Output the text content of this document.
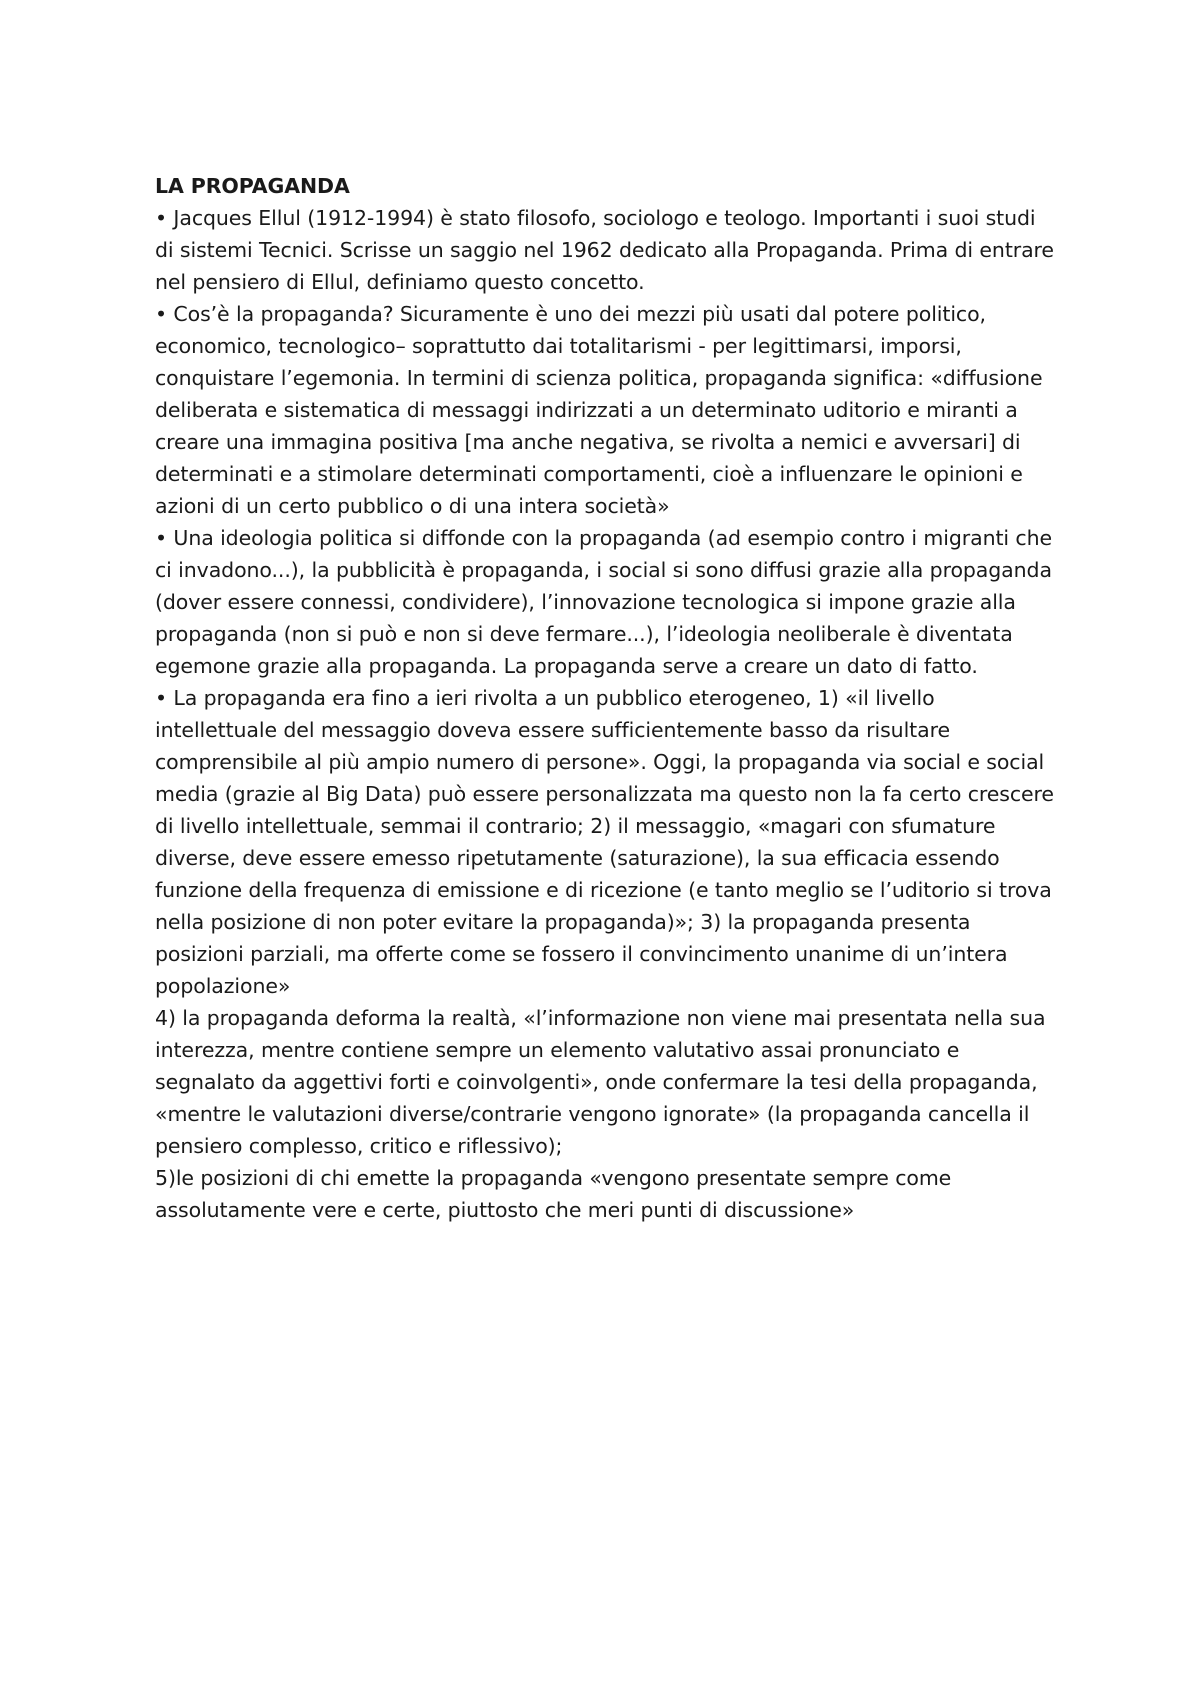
LA PROPAGANDA

• Jacques Ellul (1912-1994) è stato filosofo, sociologo e teologo. Importanti i suoi studi di sistemi Tecnici. Scrisse un saggio nel 1962 dedicato alla Propaganda. Prima di entrare nel pensiero di Ellul, definiamo questo concetto.

• Cos’è la propaganda? Sicuramente è uno dei mezzi più usati dal potere politico, economico, tecnologico– soprattutto dai totalitarismi - per legittimarsi, imporsi, conquistare l’egemonia. In termini di scienza politica, propaganda significa: «diffusione deliberata e sistematica di messaggi indirizzati a un determinato uditorio e miranti a creare una immagina positiva [ma anche negativa, se rivolta a nemici e avversari] di determinati e a stimolare determinati comportamenti, cioè a influenzare le opinioni e azioni di un certo pubblico o di una intera società»

• Una ideologia politica si diffonde con la propaganda (ad esempio contro i migranti che ci invadono...), la pubblicità è propaganda, i social si sono diffusi grazie alla propaganda (dover essere connessi, condividere), l’innovazione tecnologica si impone grazie alla propaganda (non si può e non si deve fermare...), l’ideologia neoliberale è diventata egemone grazie alla propaganda. La propaganda serve a creare un dato di fatto.

• La propaganda era fino a ieri rivolta a un pubblico eterogeneo, 1) «il livello intellettuale del messaggio doveva essere sufficientemente basso da risultare comprensibile al più ampio numero di persone». Oggi, la propaganda via social e social media (grazie al Big Data) può essere personalizzata ma questo non la fa certo crescere di livello intellettuale, semmai il contrario; 2) il messaggio, «magari con sfumature diverse, deve essere emesso ripetutamente (saturazione), la sua efficacia essendo funzione della frequenza di emissione e di ricezione (e tanto meglio se l’uditorio si trova nella posizione di non poter evitare la propaganda)»; 3) la propaganda presenta posizioni parziali, ma offerte come se fossero il convincimento unanime di un’intera popolazione»

4) la propaganda deforma la realtà, «l’informazione non viene mai presentata nella sua interezza, mentre contiene sempre un elemento valutativo assai pronunciato e segnalato da aggettivi forti e coinvolgenti», onde confermare la tesi della propaganda, «mentre le valutazioni diverse/contrarie vengono ignorate» (la propaganda cancella il pensiero complesso, critico e riflessivo);

5)le posizioni di chi emette la propaganda «vengono presentate sempre come assolutamente vere e certe, piuttosto che meri punti di discussione»
